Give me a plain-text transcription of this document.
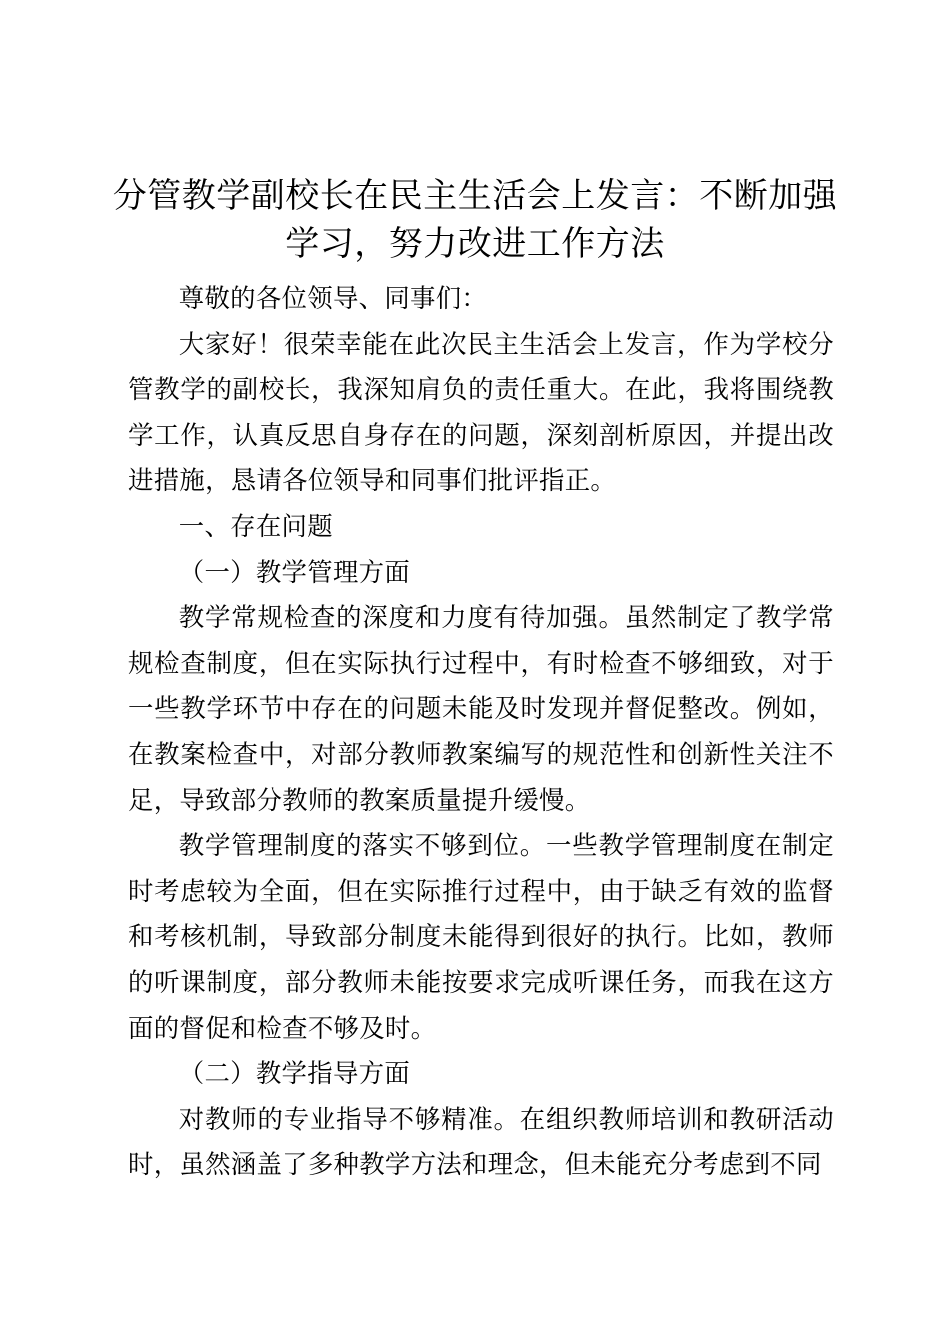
分管教学副校长在民主生活会上发言：不断加强学习，努力改进工作方法

尊敬的各位领导、同事们：

大家好！很荣幸能在此次民主生活会上发言，作为学校分管教学的副校长，我深知肩负的责任重大。在此，我将围绕教学工作，认真反思自身存在的问题，深刻剖析原因，并提出改进措施，恳请各位领导和同事们批评指正。

一、存在问题

（一）教学管理方面

教学常规检查的深度和力度有待加强。虽然制定了教学常规检查制度，但在实际执行过程中，有时检查不够细致，对于一些教学环节中存在的问题未能及时发现并督促整改。例如，在教案检查中，对部分教师教案编写的规范性和创新性关注不足，导致部分教师的教案质量提升缓慢。

教学管理制度的落实不够到位。一些教学管理制度在制定时考虑较为全面，但在实际推行过程中，由于缺乏有效的监督和考核机制，导致部分制度未能得到很好的执行。比如，教师的听课制度，部分教师未能按要求完成听课任务，而我在这方面的督促和检查不够及时。

（二）教学指导方面

对教师的专业指导不够精准。在组织教师培训和教研活动时，虽然涵盖了多种教学方法和理念，但未能充分考虑到不同
